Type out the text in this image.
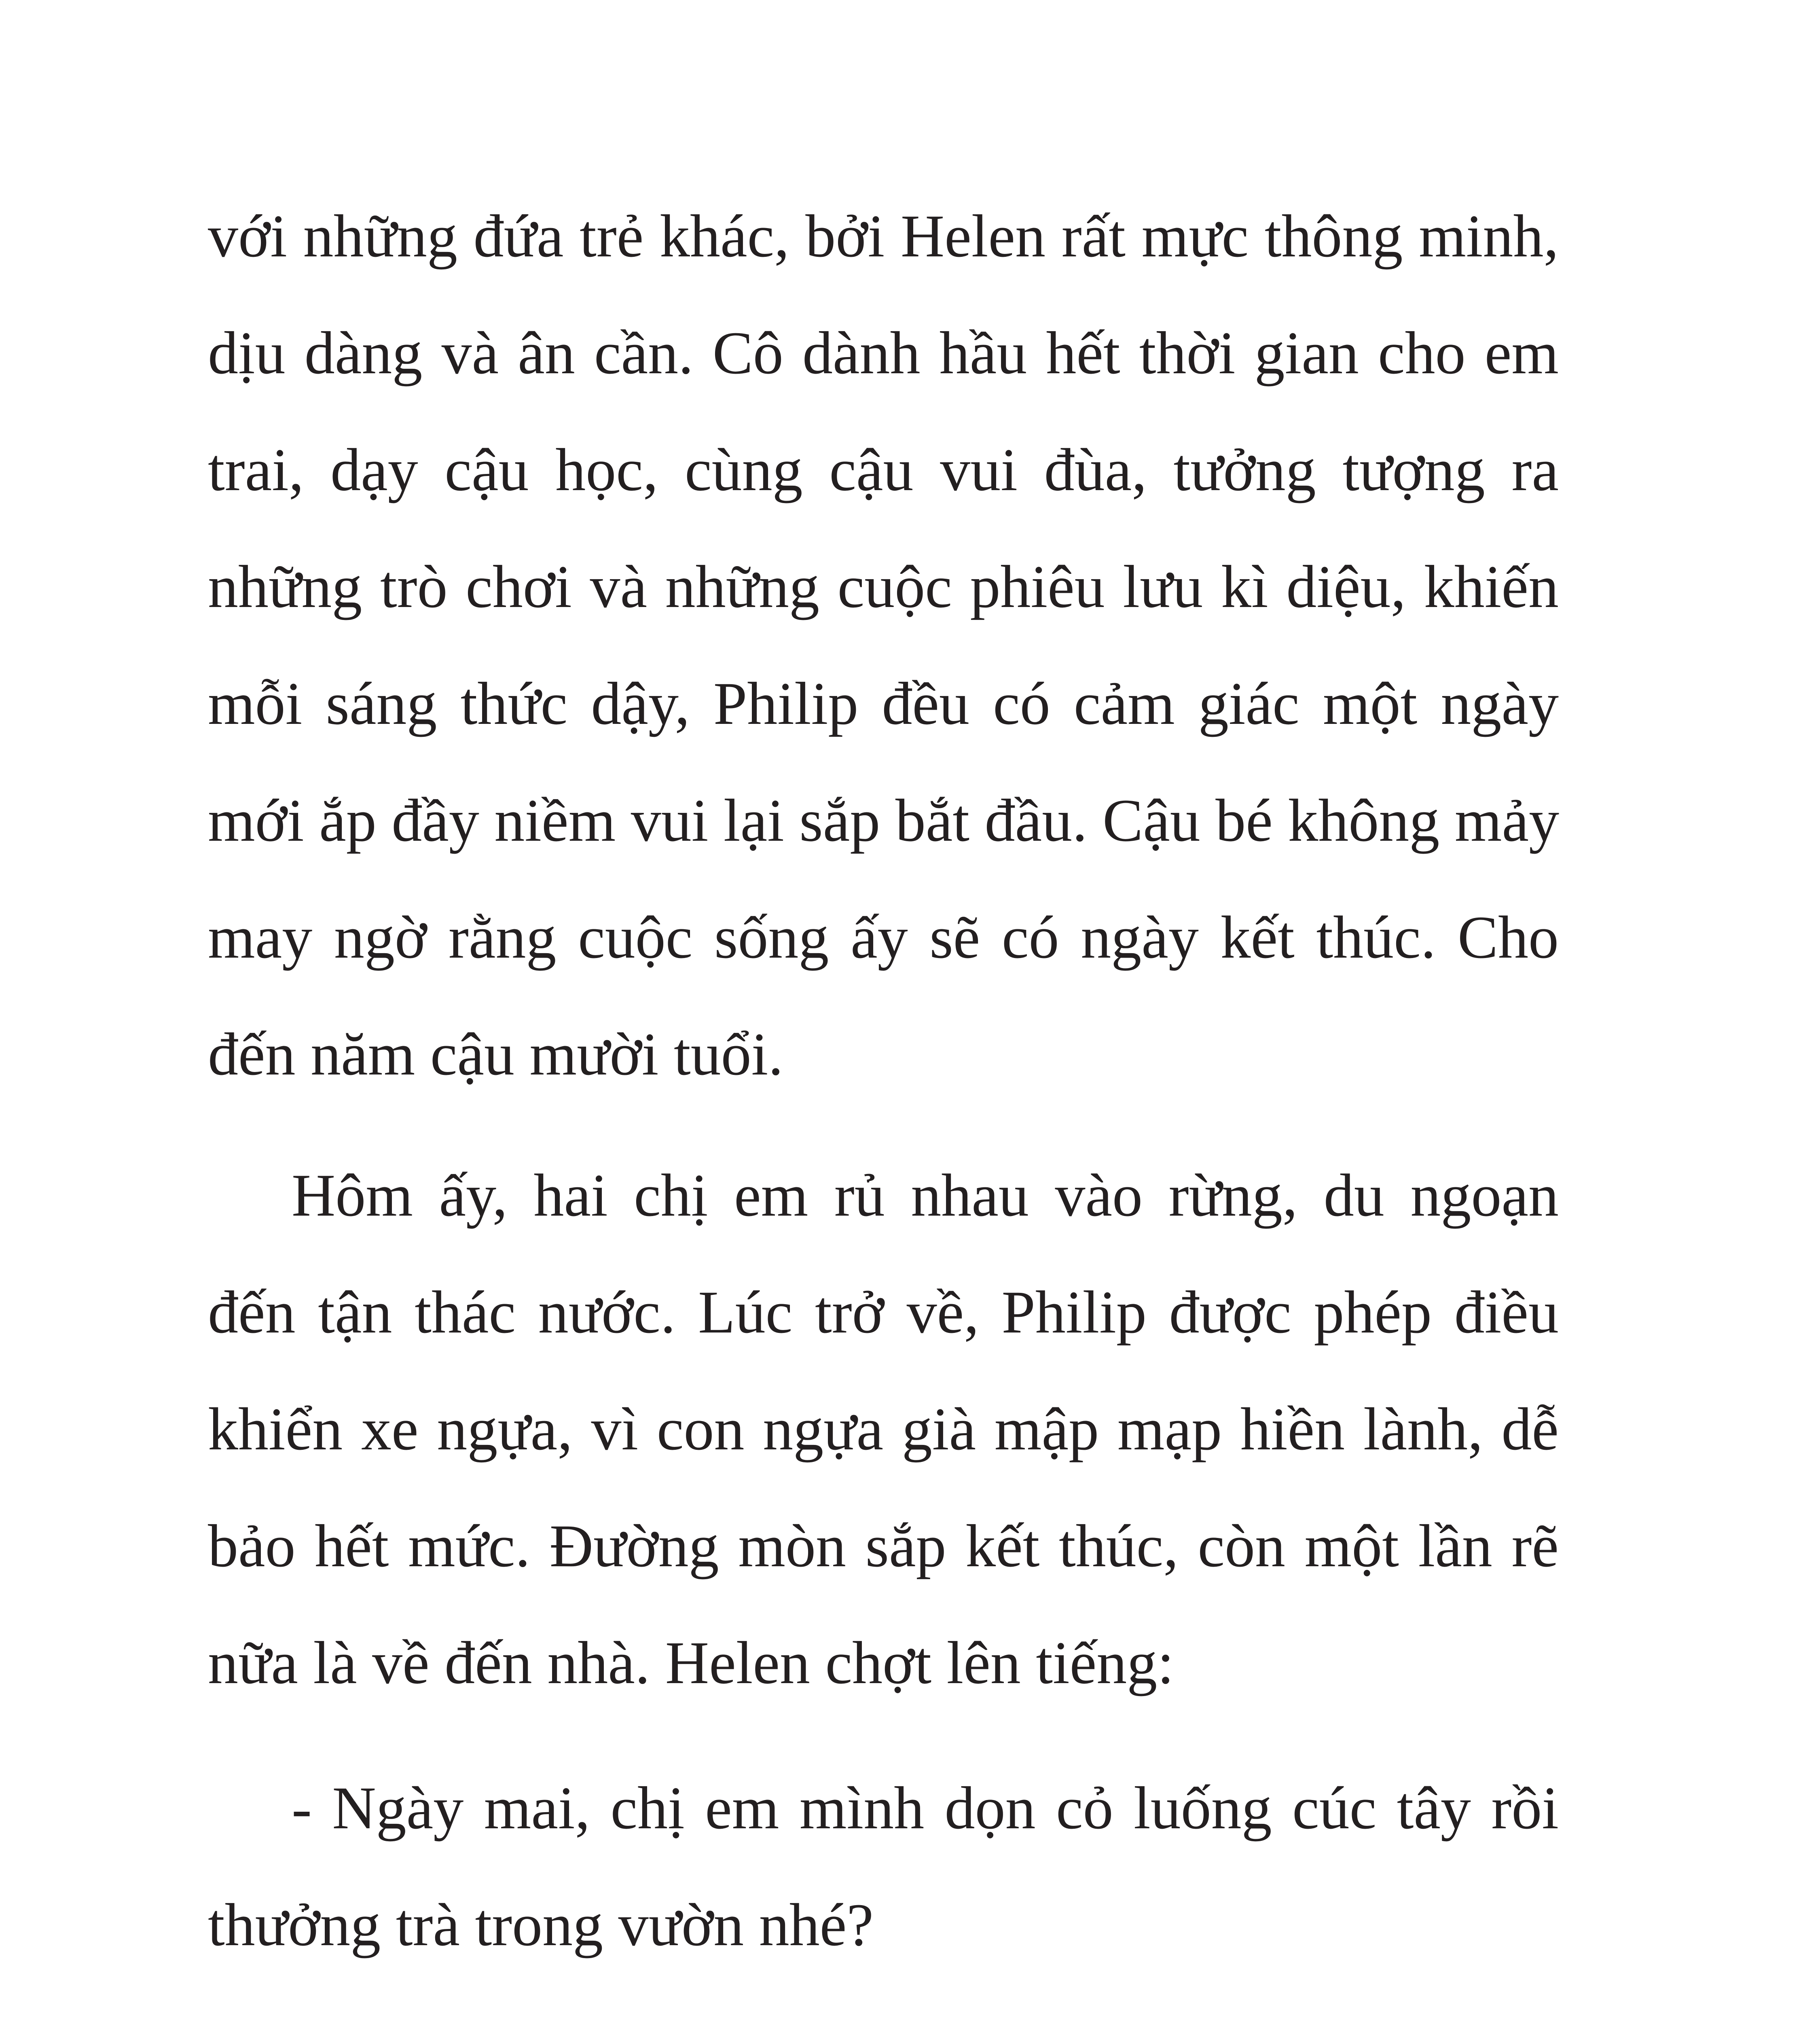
với những đứa trẻ khác, bởi Helen rất mực thông minh,
dịu dàng và ân cần. Cô dành hầu hết thời gian cho em
trai, dạy cậu học, cùng cậu vui đùa, tưởng tượng ra
những trò chơi và những cuộc phiêu lưu kì diệu, khiến
mỗi sáng thức dậy, Philip đều có cảm giác một ngày
mới ắp đầy niềm vui lại sắp bắt đầu. Cậu bé không mảy
may ngờ rằng cuộc sống ấy sẽ có ngày kết thúc. Cho
đến năm cậu mười tuổi.
Hôm ấy, hai chị em rủ nhau vào rừng, du ngoạn
đến tận thác nước. Lúc trở về, Philip được phép điều
khiển xe ngựa, vì con ngựa già mập mạp hiền lành, dễ
bảo hết mức. Đường mòn sắp kết thúc, còn một lần rẽ
nữa là về đến nhà. Helen chợt lên tiếng:
- Ngày mai, chị em mình dọn cỏ luống cúc tây rồi
thưởng trà trong vườn nhé?
